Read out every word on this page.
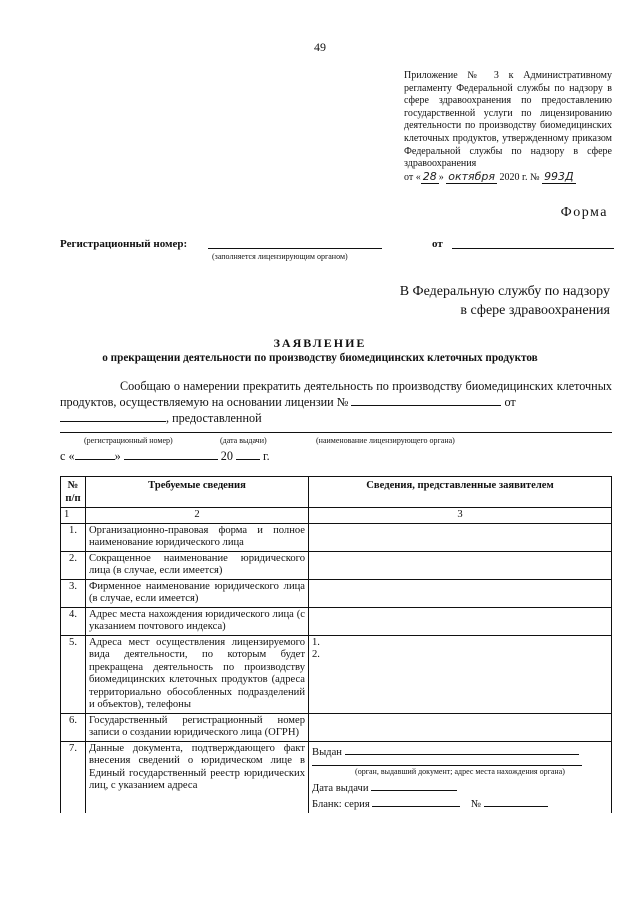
49
Приложение № 3 к Административному регламенту Федеральной службы по надзору в сфере здравоохранения по предоставлению государственной услуги по лицензированию деятельности по производству биомедицинских клеточных продуктов, утвержденному приказом Федеральной службы по надзору в сфере здравоохранения
от « 28 » октября 2020 г. № 993Д
Форма
Регистрационный номер:
(заполняется лицензирующим органом)
от
В Федеральную службу по надзору
в сфере здравоохранения
ЗАЯВЛЕНИЕ
о прекращении деятельности по производству биомедицинских клеточных продуктов
Сообщаю о намерении прекратить деятельность по производству биомедицинских клеточных продуктов, осуществляемую на основании лицензии №	от
, предоставленной
(регистрационный номер)	(дата выдачи)	(наименование лицензирующего органа)
с «	»	20 г.
№ п/п	Требуемые сведения	Сведения, представленные заявителем
1	2	3
1.	Организационно-правовая форма и полное наименование юридического лица	
2.	Сокращенное наименование юридического лица (в случае, если имеется)	
3.	Фирменное наименование юридического лица (в случае, если имеется)	
4.	Адрес места нахождения юридического лица (с указанием почтового индекса)	
5.	Адреса мест осуществления лицензируемого вида деятельности, по которым будет прекращена деятельность по производству биомедицинских клеточных продуктов (адреса территориально обособленных подразделений и объектов), телефоны	1.
2.

6.	Государственный регистрационный номер записи о создании юридического лица (ОГРН)	
7.	Данные документа, подтверждающего факт внесения сведений о юридическом лице в Единый государственный реестр юридических лиц, с указанием адреса	Выдан
(орган, выдавший документ; адрес места нахождения органа)
Дата выдачи
Бланк: серия №
